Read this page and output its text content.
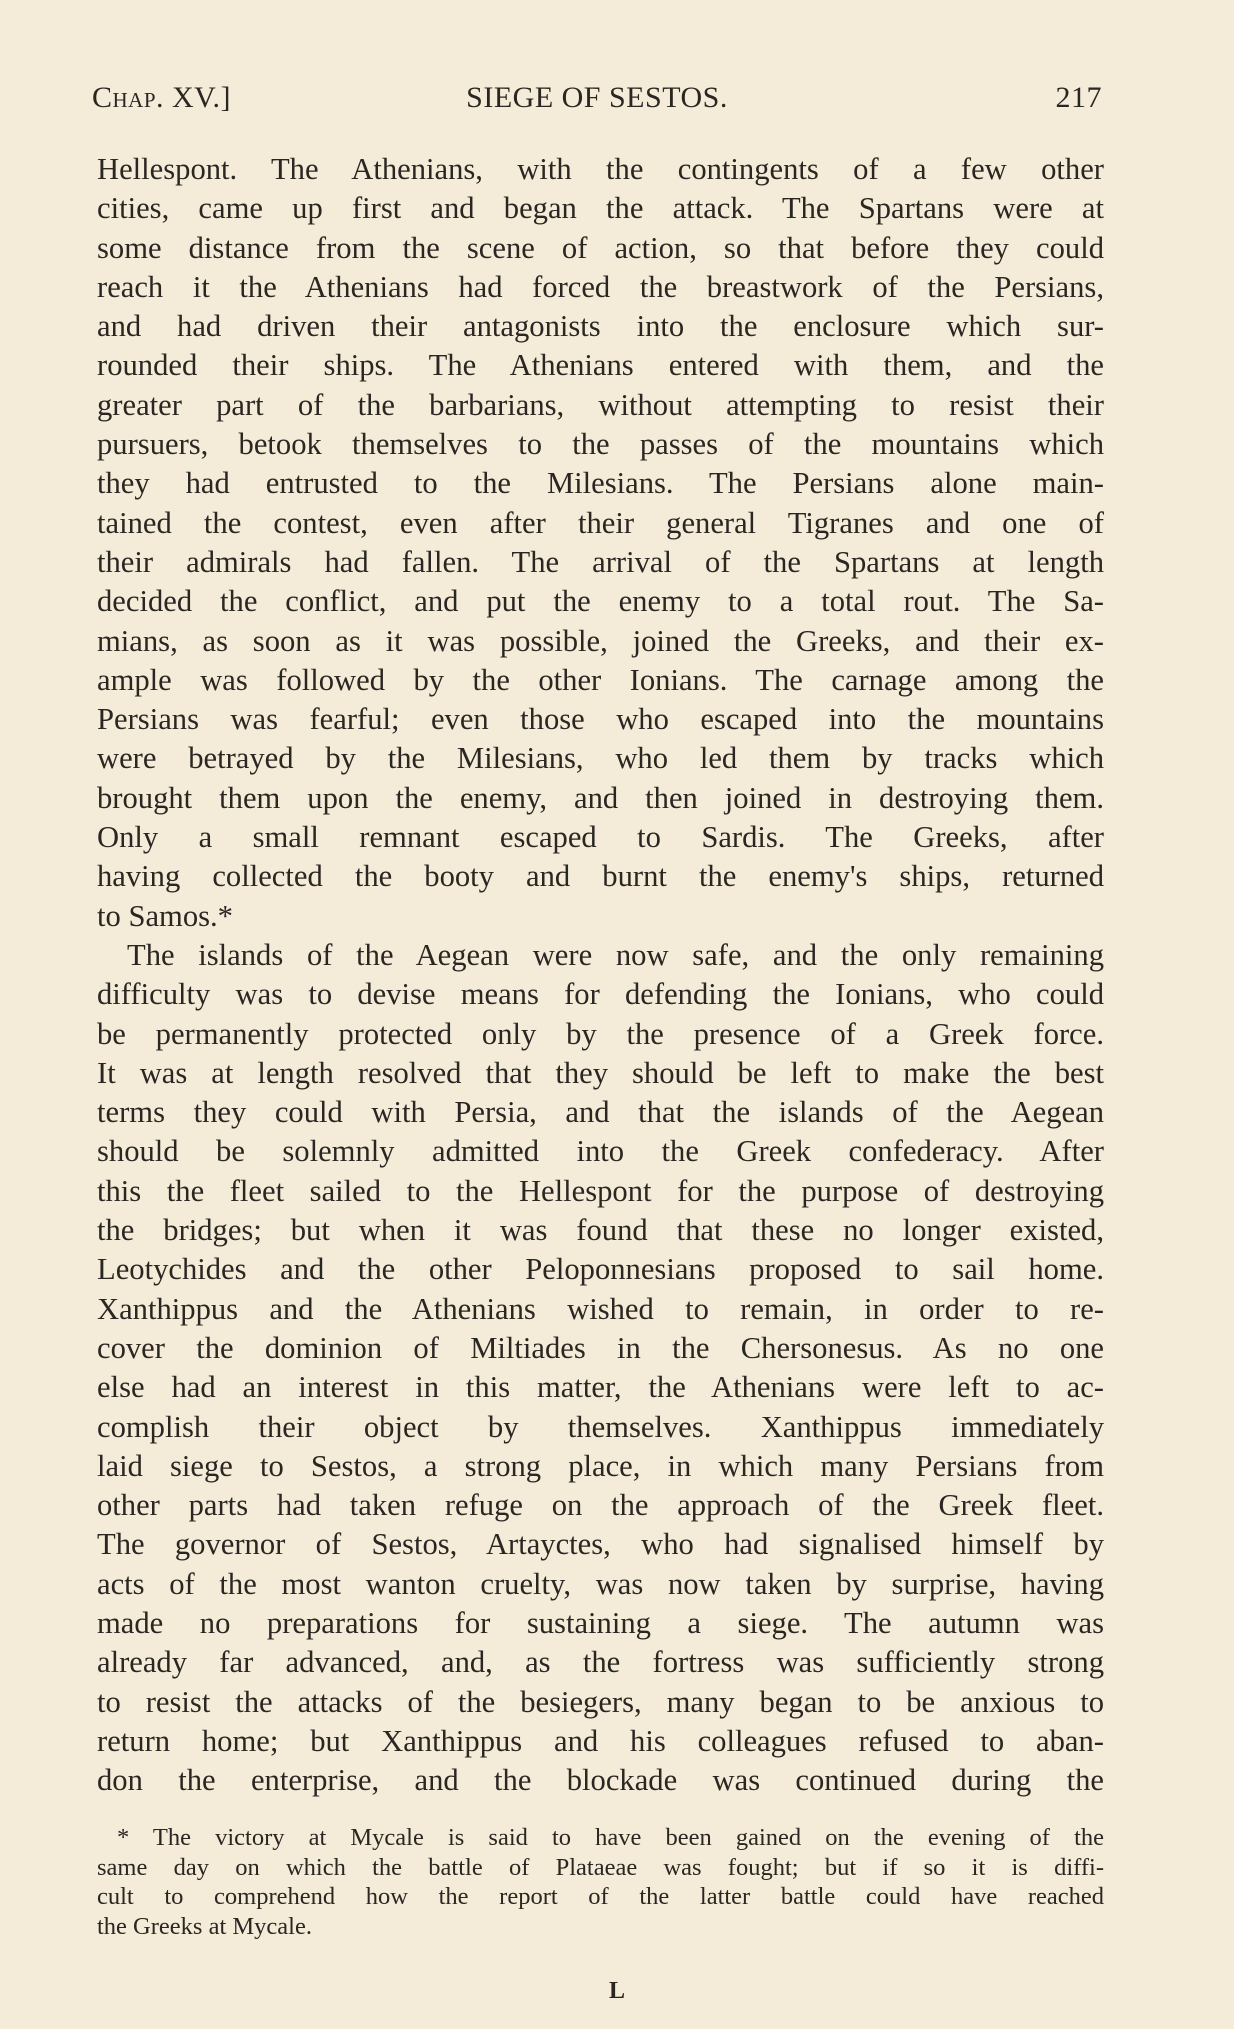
Chap. XV.]	SIEGE OF SESTOS.	217
Hellespont. The Athenians, with the contingents of a few other
cities, came up first and began the attack. The Spartans were at
some distance from the scene of action, so that before they could
reach it the Athenians had forced the breastwork of the Persians,
and had driven their antagonists into the enclosure which sur-
rounded their ships. The Athenians entered with them, and the
greater part of the barbarians, without attempting to resist their
pursuers, betook themselves to the passes of the mountains which
they had entrusted to the Milesians. The Persians alone main-
tained the contest, even after their general Tigranes and one of
their admirals had fallen. The arrival of the Spartans at length
decided the conflict, and put the enemy to a total rout. The Sa-
mians, as soon as it was possible, joined the Greeks, and their ex-
ample was followed by the other Ionians. The carnage among the
Persians was fearful; even those who escaped into the mountains
were betrayed by the Milesians, who led them by tracks which
brought them upon the enemy, and then joined in destroying them.
Only a small remnant escaped to Sardis. The Greeks, after
having collected the booty and burnt the enemy's ships, returned
to Samos.*
The islands of the Aegean were now safe, and the only remaining
difficulty was to devise means for defending the Ionians, who could
be permanently protected only by the presence of a Greek force.
It was at length resolved that they should be left to make the best
terms they could with Persia, and that the islands of the Aegean
should be solemnly admitted into the Greek confederacy. After
this the fleet sailed to the Hellespont for the purpose of destroying
the bridges; but when it was found that these no longer existed,
Leotychides and the other Peloponnesians proposed to sail home.
Xanthippus and the Athenians wished to remain, in order to re-
cover the dominion of Miltiades in the Chersonesus. As no one
else had an interest in this matter, the Athenians were left to ac-
complish their object by themselves. Xanthippus immediately
laid siege to Sestos, a strong place, in which many Persians from
other parts had taken refuge on the approach of the Greek fleet.
The governor of Sestos, Artayctes, who had signalised himself by
acts of the most wanton cruelty, was now taken by surprise, having
made no preparations for sustaining a siege. The autumn was
already far advanced, and, as the fortress was sufficiently strong
to resist the attacks of the besiegers, many began to be anxious to
return home; but Xanthippus and his colleagues refused to aban-
don the enterprise, and the blockade was continued during the
* The victory at Mycale is said to have been gained on the evening of the
same day on which the battle of Plataeae was fought; but if so it is diffi-
cult to comprehend how the report of the latter battle could have reached
the Greeks at Mycale.
L
